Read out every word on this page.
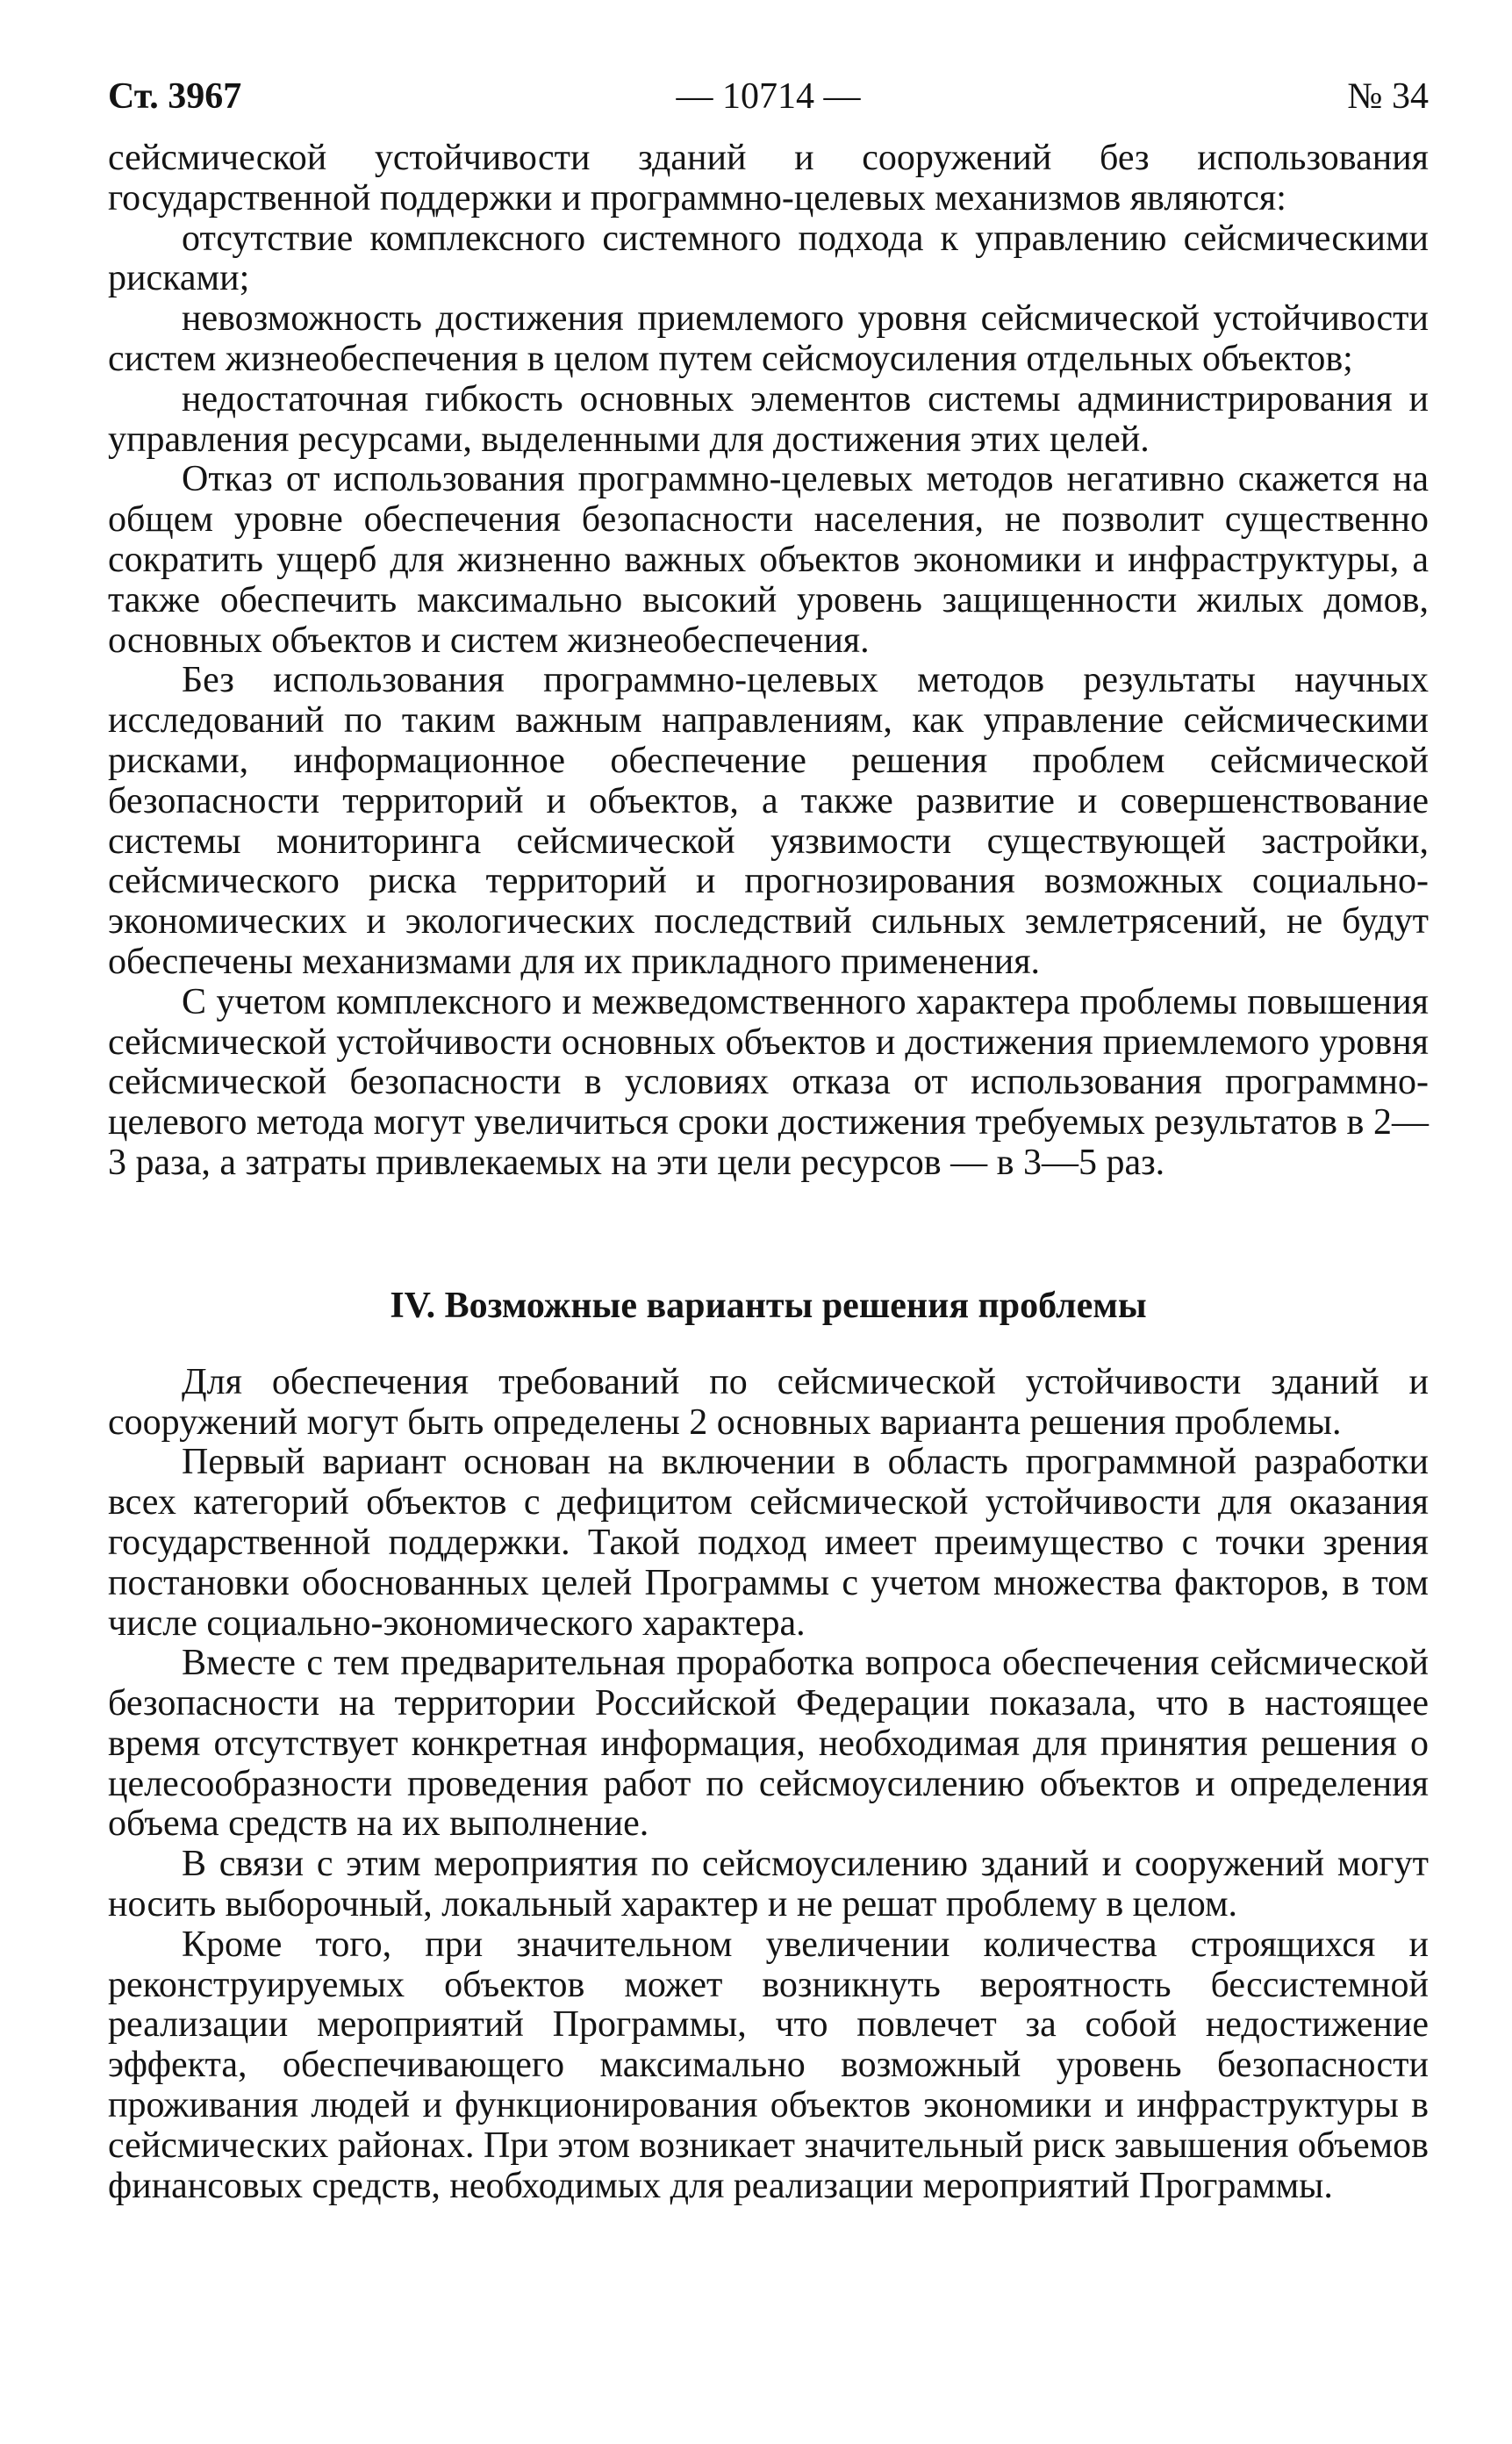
Ст. 3967	— 10714 —	№ 34

сейсмической устойчивости зданий и сооружений без использования государственной поддержки и программно-целевых механизмов являются:

отсутствие комплексного системного подхода к управлению сейсмическими рисками;

невозможность достижения приемлемого уровня сейсмической устойчивости систем жизнеобеспечения в целом путем сейсмоусиления отдельных объектов;

недостаточная гибкость основных элементов системы администрирования и управления ресурсами, выделенными для достижения этих целей.

Отказ от использования программно-целевых методов негативно скажется на общем уровне обеспечения безопасности населения, не позволит существенно сократить ущерб для жизненно важных объектов экономики и инфраструктуры, а также обеспечить максимально высокий уровень защищенности жилых домов, основных объектов и систем жизнеобеспечения.

Без использования программно-целевых методов результаты научных исследований по таким важным направлениям, как управление сейсмическими рисками, информационное обеспечение решения проблем сейсмической безопасности территорий и объектов, а также развитие и совершенствование системы мониторинга сейсмической уязвимости существующей застройки, сейсмического риска территорий и прогнозирования возможных социально-экономических и экологических последствий сильных землетрясений, не будут обеспечены механизмами для их прикладного применения.

С учетом комплексного и межведомственного характера проблемы повышения сейсмической устойчивости основных объектов и достижения приемлемого уровня сейсмической безопасности в условиях отказа от использования программно-целевого метода могут увеличиться сроки достижения требуемых результатов в 2—3 раза, а затраты привлекаемых на эти цели ресурсов — в 3—5 раз.

IV. Возможные варианты решения проблемы

Для обеспечения требований по сейсмической устойчивости зданий и сооружений могут быть определены 2 основных варианта решения проблемы.

Первый вариант основан на включении в область программной разработки всех категорий объектов с дефицитом сейсмической устойчивости для оказания государственной поддержки. Такой подход имеет преимущество с точки зрения постановки обоснованных целей Программы с учетом множества факторов, в том числе социально-экономического характера.

Вместе с тем предварительная проработка вопроса обеспечения сейсмической безопасности на территории Российской Федерации показала, что в настоящее время отсутствует конкретная информация, необходимая для принятия решения о целесообразности проведения работ по сейсмоусилению объектов и определения объема средств на их выполнение.

В связи с этим мероприятия по сейсмоусилению зданий и сооружений могут носить выборочный, локальный характер и не решат проблему в целом.

Кроме того, при значительном увеличении количества строящихся и реконструируемых объектов может возникнуть вероятность бессистемной реализации мероприятий Программы, что повлечет за собой недостижение эффекта, обеспечивающего максимально возможный уровень безопасности проживания людей и функционирования объектов экономики и инфраструктуры в сейсмических районах. При этом возникает значительный риск завышения объемов финансовых средств, необходимых для реализации мероприятий Программы.
